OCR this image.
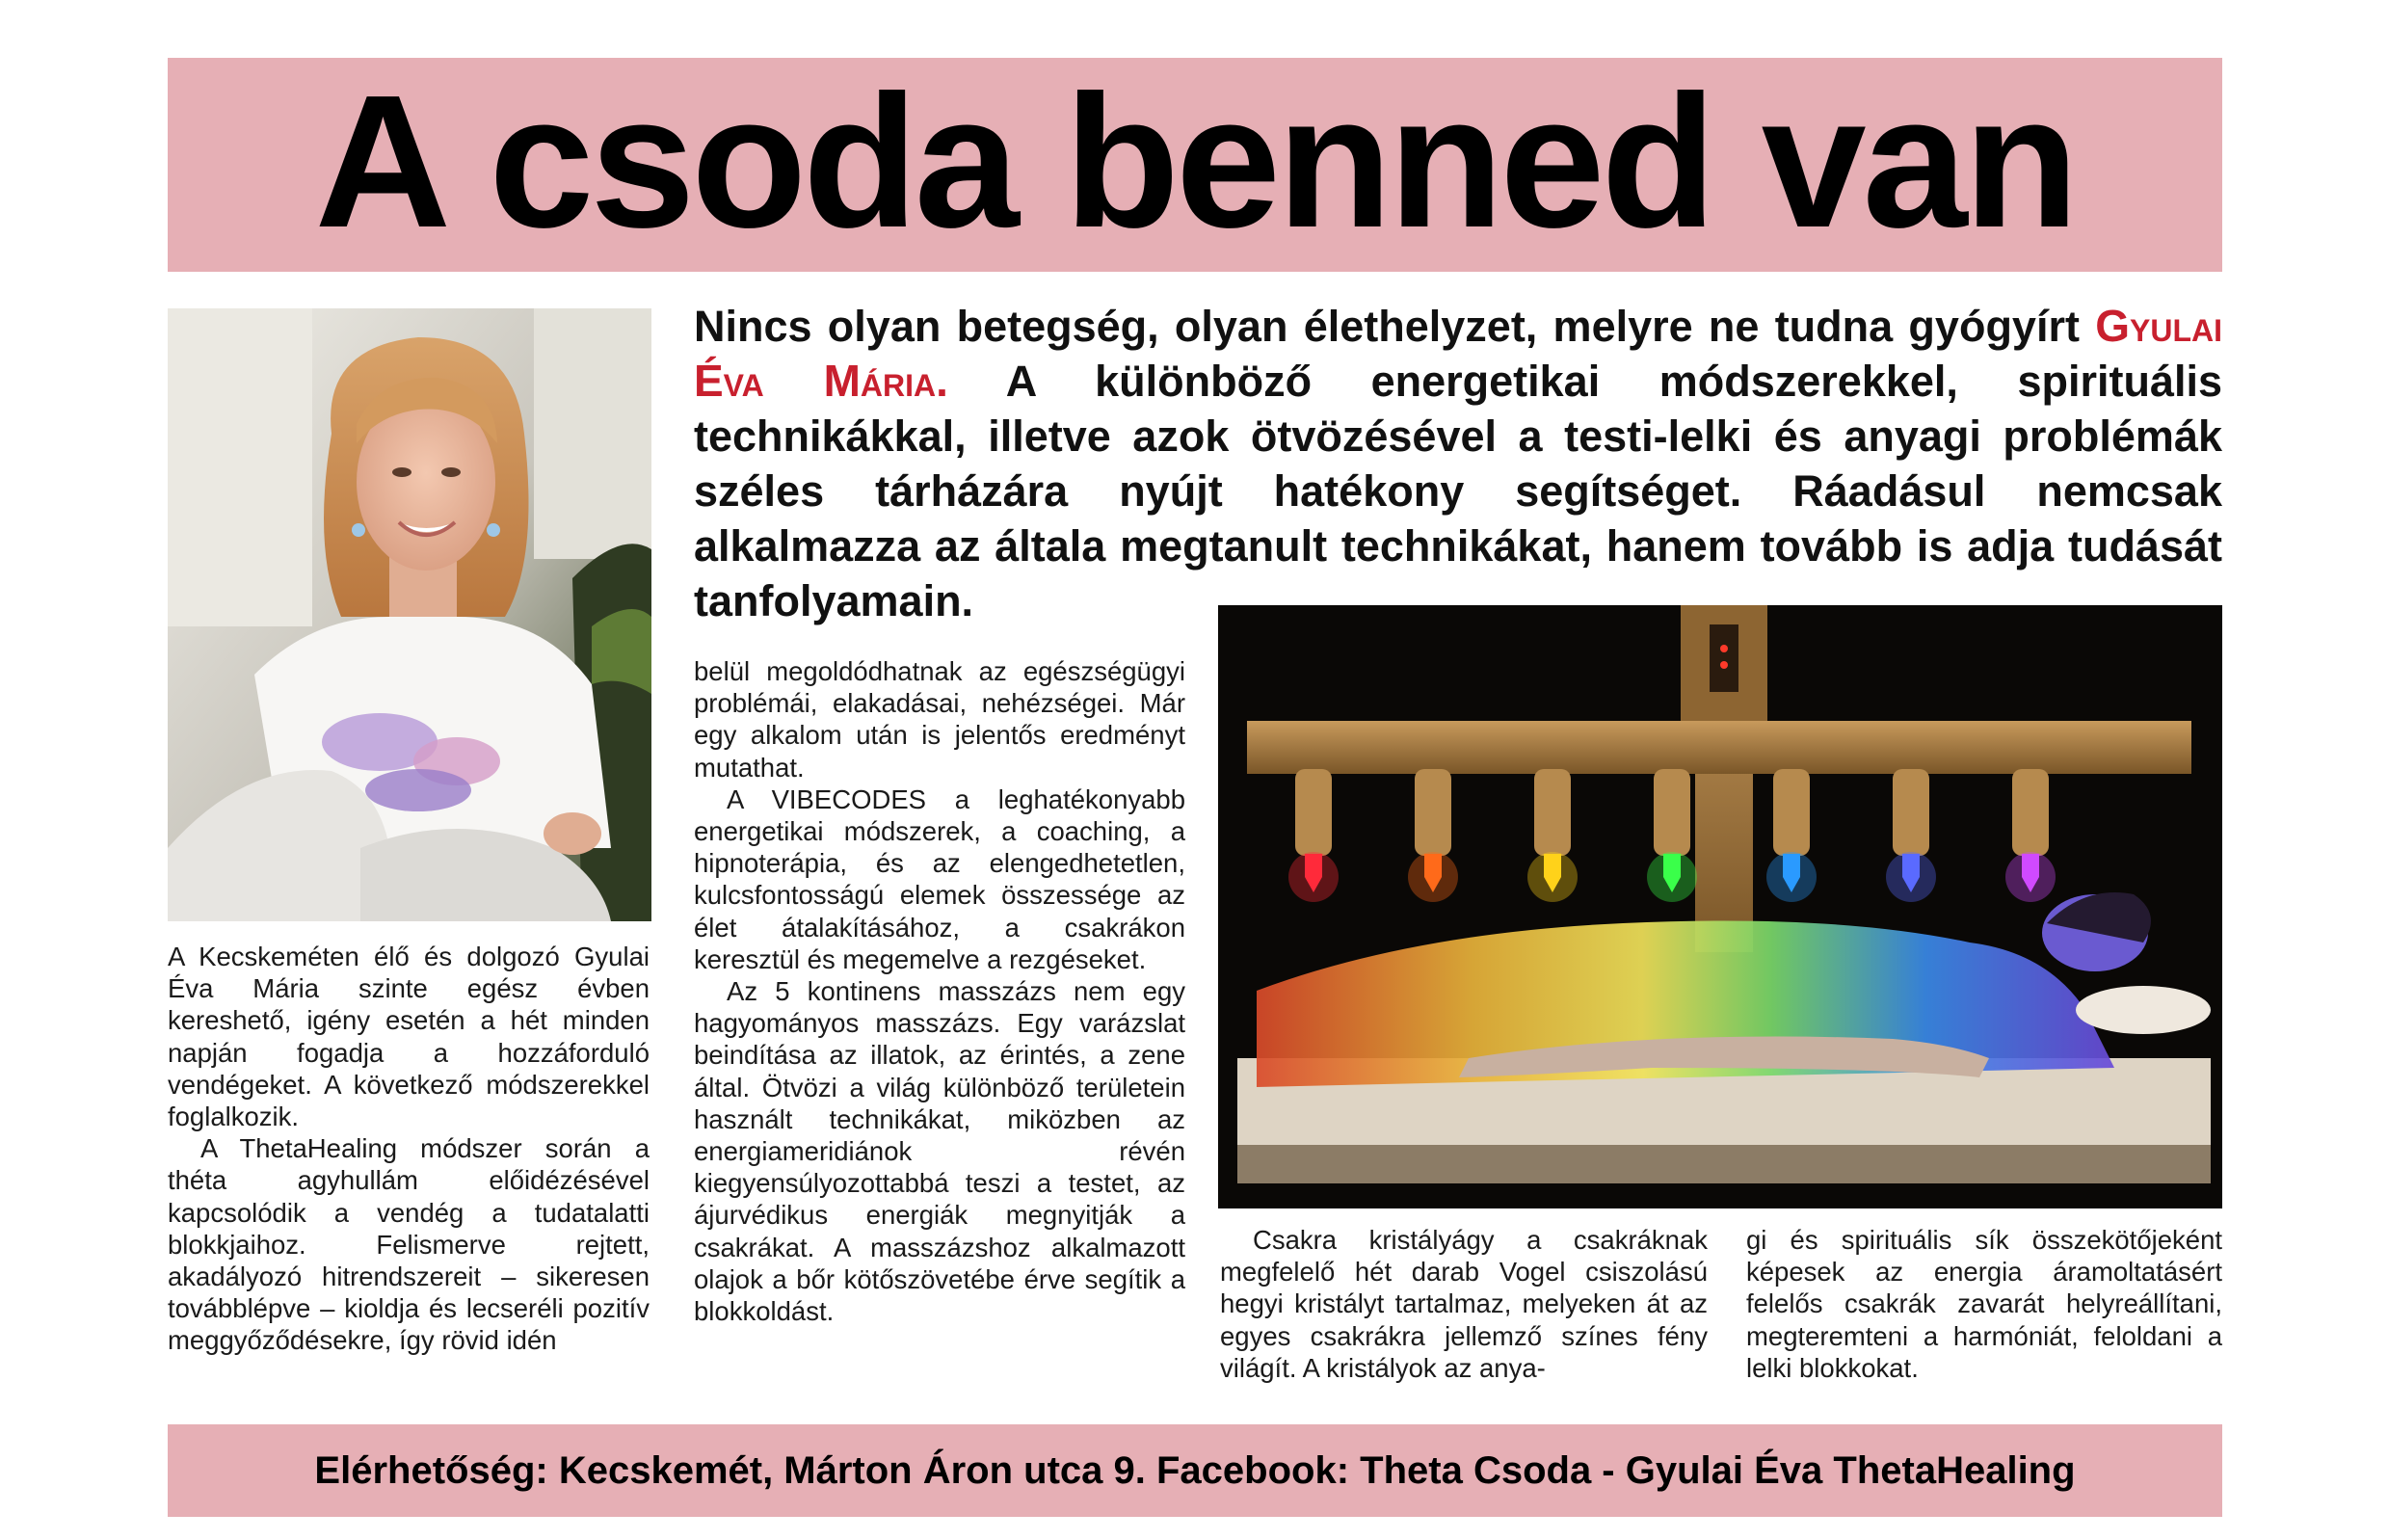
A csoda benned van
Nincs olyan betegség, olyan élethelyzet, melyre ne tudna gyógyírt Gyulai Éva Mária. A különböző energetikai módszerekkel, spirituális technikákkal, illetve azok ötvözésével a testi-lelki és anyagi problémák széles tárházára nyújt hatékony segítséget. Ráadásul nemcsak alkalmazza az általa megtanult technikákat, hanem tovább is adja tudását tanfolyamain.

A Kecskeméten élő és dolgozó Gyulai Éva Mária szinte egész évben kereshető, igény esetén a hét minden napján fogadja a hozzáforduló vendégeket. A következő módszerekkel foglalkozik.

A ThetaHealing módszer során a théta agyhullám előidézésével kapcsolódik a vendég a tudatalatti blokkjaihoz. Felismerve rejtett, akadályozó hitrendszereit – sikeresen továbblépve – kioldja és lecseréli pozitív meggyőződésekre, így rövid idén

belül megoldódhatnak az egészségügyi problémái, elakadásai, nehézségei. Már egy alkalom után is jelentős eredményt mutathat.

A VIBECODES a leghatékonyabb energetikai módszerek, a coaching, a hipnoterápia, és az elengedhetetlen, kulcsfontosságú elemek összessége az élet átalakításához, a csakrákon keresztül és megemelve a rezgéseket.

Az 5 kontinens masszázs nem egy hagyományos masszázs. Egy varázslat beindítása az illatok, az érintés, a zene által. Ötvözi a világ különböző területein használt technikákat, miközben az energiameridiánok révén kiegyensúlyozottabbá teszi a testet, az ájurvédikus energiák megnyitják a csakrákat. A masszázshoz alkalmazott olajok a bőr kötőszövetébe érve segítik a blokkoldást.

Csakra kristályágy a csakráknak megfelelő hét darab Vogel csiszolású hegyi kristályt tartalmaz, melyeken át az egyes csakrákra jellemző színes fény világít. A kristályok az anya-

gi és spirituális sík összekötőjeként képesek az energia áramoltatásért felelős csakrák zavarát helyreállítani, megteremteni a harmóniát, feloldani a lelki blokkokat.

Elérhetőség: Kecskemét, Márton Áron utca 9. Facebook: Theta Csoda - Gyulai Éva ThetaHealing
